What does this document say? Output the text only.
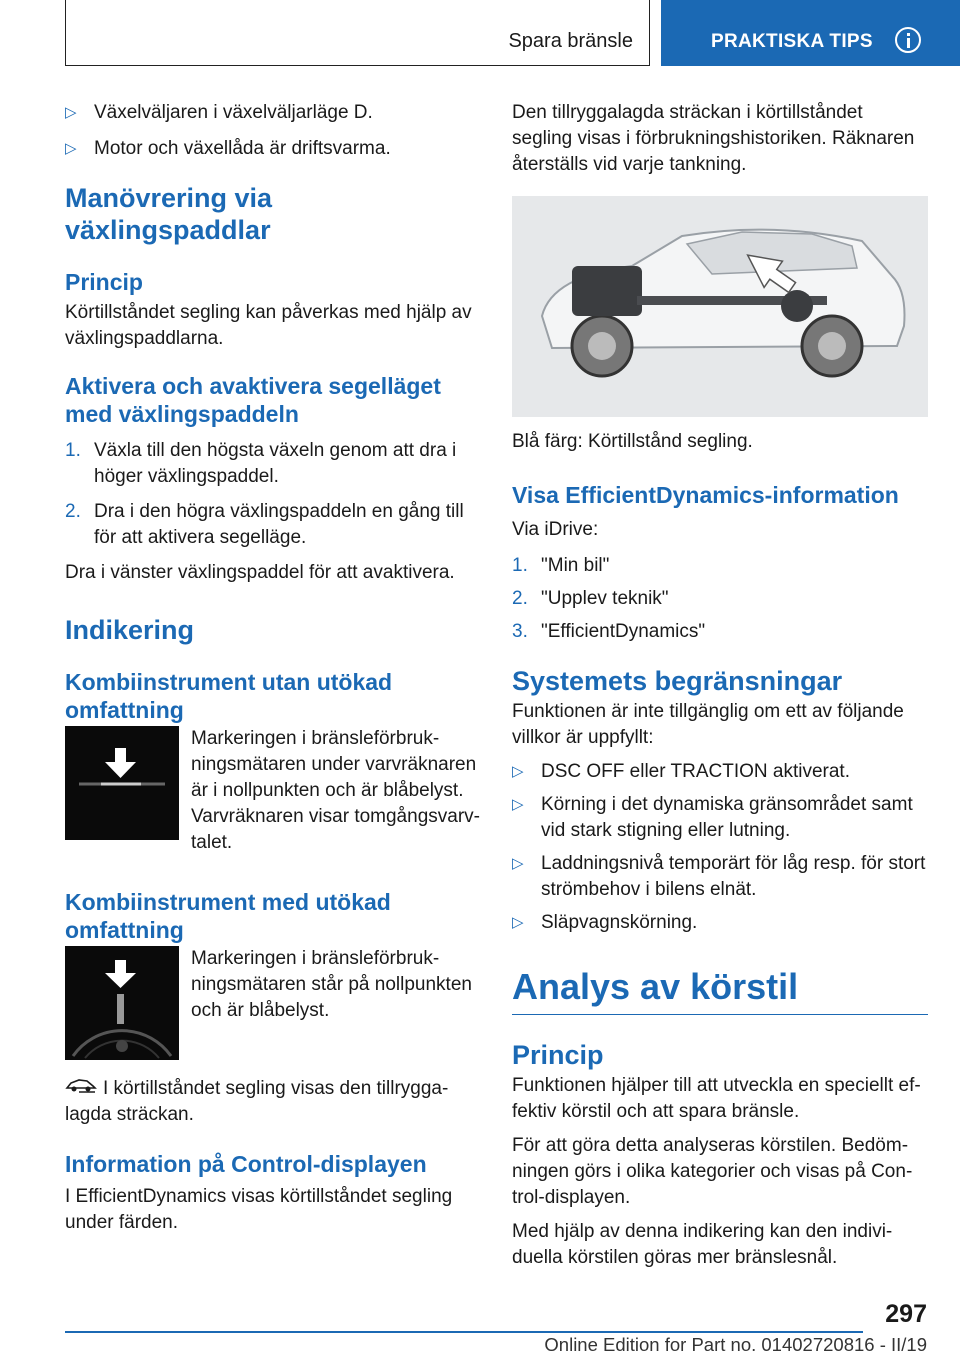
Spara bränsle	PRAKTISKA TIPS
▷ Växelväljaren i växelväljarläge D.
▷ Motor och växellåda är driftsvarma.
Manövrering via växlingspaddlar
Princip

Körtillståndet segling kan påverkas med hjälp av växlingspaddlarna.

Aktivera och avaktivera segelläget med växlingspaddeln
1. Växla till den högsta växeln genom att dra i höger växlingspaddel.
2. Dra i den högra växlingspaddeln en gång till för att aktivera segelläge.

Dra i vänster växlingspaddel för att avaktivera.

Indikering
Kombiinstrument utan utökad omfattning

Markeringen i bränsleförbrukningsmätaren under varvräknaren är i nollpunkten och är blåbelyst. Varvräknaren visar tomgångsvarvtalet.

Kombiinstrument med utökad omfattning

Markeringen i bränsleförbrukningsmätaren står på nollpunkten och är blåbelyst.

I körtillståndet segling visas den tillryggalagda sträckan.

Information på Control-displayen

I EfficientDynamics visas körtillståndet segling under färden.

Den tillryggalagda sträckan i körtillståndet segling visas i förbrukningshistoriken. Räknaren återställs vid varje tankning.

Blå färg: Körtillstånd segling.

Visa EfficientDynamics-information

Via iDrive:

1. "Min bil"
2. "Upplev teknik"
3. "EfficientDynamics"
Systemets begränsningar

Funktionen är inte tillgänglig om ett av följande villkor är uppfyllt:

▷ DSC OFF eller TRACTION aktiverat.
▷ Körning i det dynamiska gränsområdet samt vid stark stigning eller lutning.
▷ Laddningsnivå temporärt för låg resp. för stort strömbehov i bilens elnät.
▷ Släpvagnskörning.
Analys av körstil
Princip

Funktionen hjälper till att utveckla en speciellt effektiv körstil och att spara bränsle.

För att göra detta analyseras körstilen. Bedömningen görs i olika kategorier och visas på Control-displayen.

Med hjälp av denna indikering kan den individuella körstilen göras mer bränslesnål.

297
Online Edition for Part no. 01402720816 - II/19
